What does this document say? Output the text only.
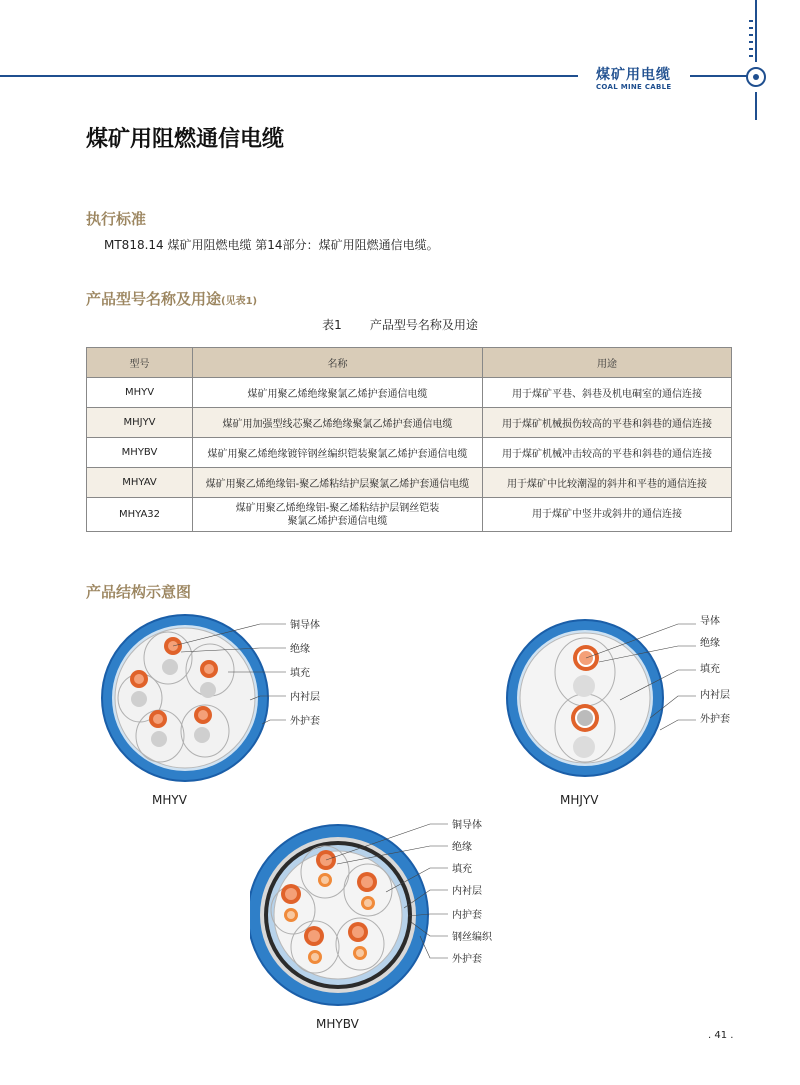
煤矿用电缆
COAL MINE CABLE
煤矿用阻燃通信电缆
执行标准
MT818.14 煤矿用阻燃电缆 第14部分：煤矿用阻燃通信电缆。
产品型号名称及用途(见表1)
表1 产品型号名称及用途
型号	名称	用途
MHYV	煤矿用聚乙烯绝缘聚氯乙烯护套通信电缆	用于煤矿平巷、斜巷及机电硐室的通信连接
MHJYV	煤矿用加强型线芯聚乙烯绝缘聚氯乙烯护套通信电缆	用于煤矿机械损伤较高的平巷和斜巷的通信连接
MHYBV	煤矿用聚乙烯绝缘镀锌钢丝编织铠装聚氯乙烯护套通信电缆	用于煤矿机械冲击较高的平巷和斜巷的通信连接
MHYAV	煤矿用聚乙烯绝缘铝-聚乙烯粘结护层聚氯乙烯护套通信电缆	用于煤矿中比较潮湿的斜井和平巷的通信连接
MHYA32	煤矿用聚乙烯绝缘铝-聚乙烯粘结护层钢丝铠装
聚氯乙烯护套通信电缆	用于煤矿中竖井或斜井的通信连接
产品结构示意图
铜导体
绝缘
填充
内衬层
外护套
MHYV
导体
绝缘
填充
内衬层
外护套
MHJYV
铜导体
绝缘
填充
内衬层
内护套
钢丝编织
外护套
MHYBV
. 41 .
